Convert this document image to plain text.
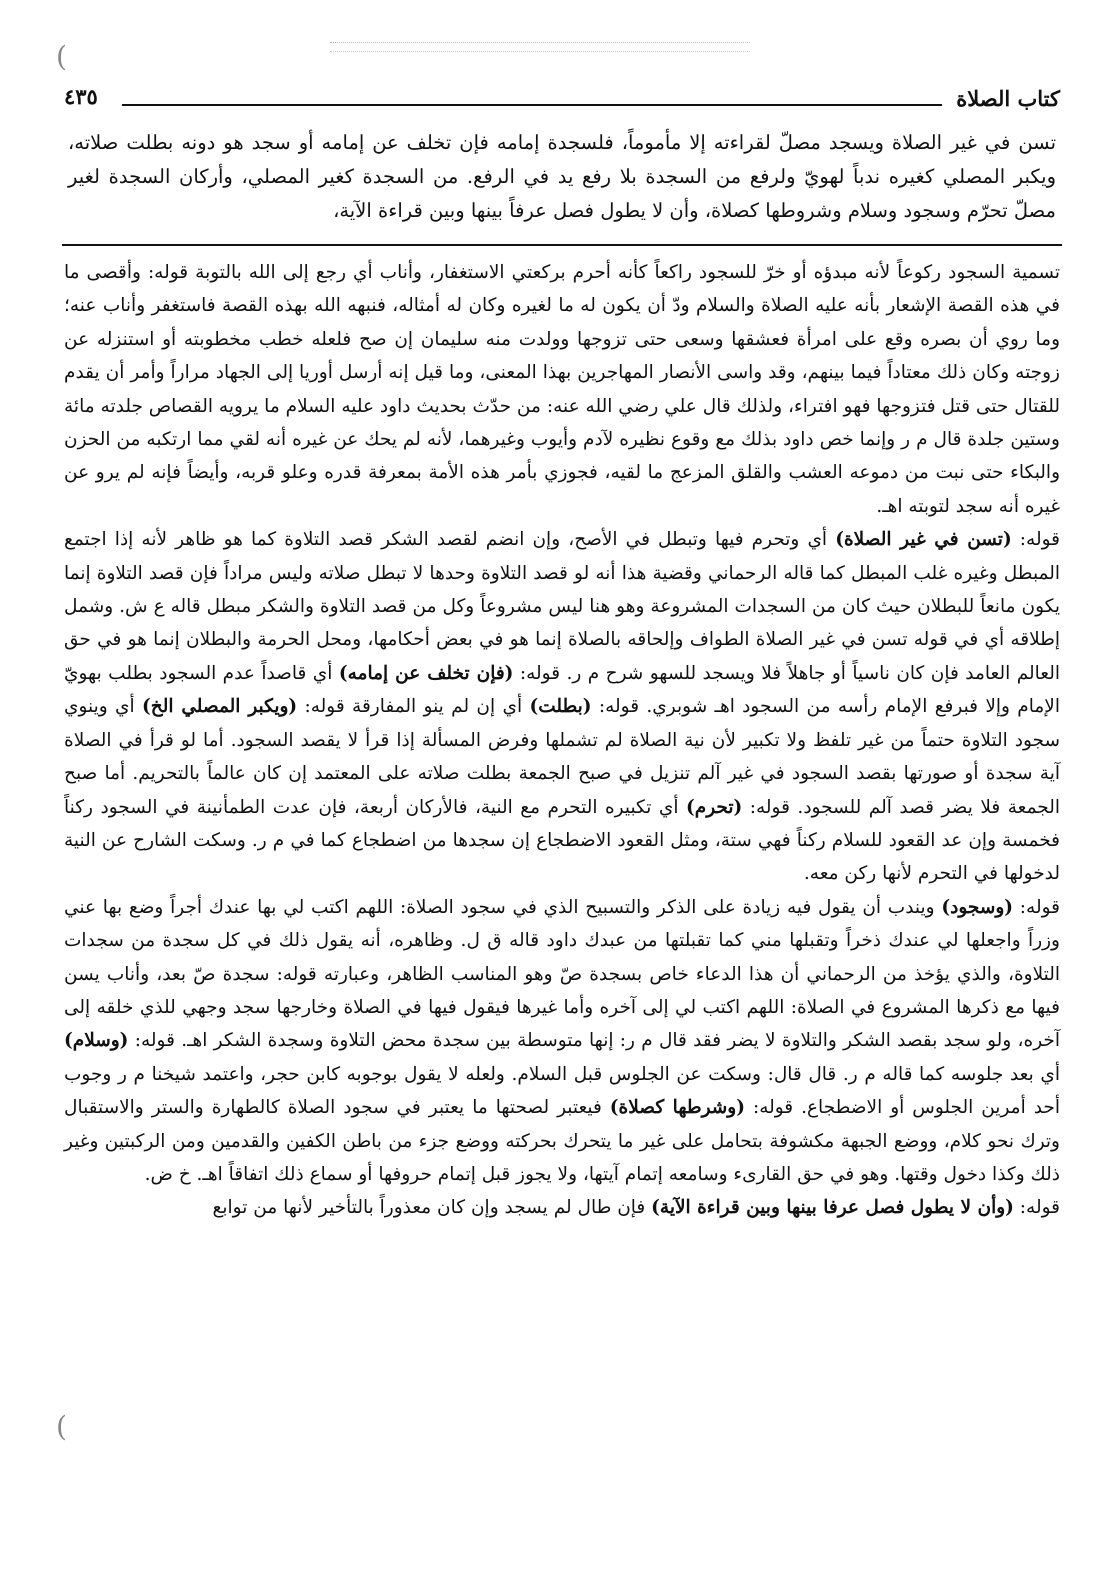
(
(
كتاب الصلاة
٤٣٥
تسن في غير الصلاة ويسجد مصلّ لقراءته إلا مأموماً، فلسجدة إمامه فإن تخلف عن إمامه أو سجد هو دونه بطلت صلاته، ويكبر المصلي كغيره ندباً لهويّ ولرفع من السجدة بلا رفع يد في الرفع. من السجدة كغير المصلي، وأركان السجدة لغير مصلّ تحرّم وسجود وسلام وشروطها كصلاة، وأن لا يطول فصل عرفاً بينها وبين قراءة الآية،

تسمية السجود ركوعاً لأنه مبدؤه أو خرّ للسجود راكعاً كأنه أحرم بركعتي الاستغفار، وأناب أي رجع إلى الله بالتوبة قوله: وأقصى ما في هذه القصة الإشعار بأنه عليه الصلاة والسلام ودّ أن يكون له ما لغيره وكان له أمثاله، فنبهه الله بهذه القصة فاستغفر وأناب عنه؛ وما روي أن بصره وقع على امرأة فعشقها وسعى حتى تزوجها وولدت منه سليمان إن صح فلعله خطب مخطوبته أو استنزله عن زوجته وكان ذلك معتاداً فيما بينهم، وقد واسى الأنصار المهاجرين بهذا المعنى، وما قيل إنه أرسل أوريا إلى الجهاد مراراً وأمر أن يقدم للقتال حتى قتل فتزوجها فهو افتراء، ولذلك قال علي رضي الله عنه: من حدّث بحديث داود عليه السلام ما يرويه القصاص جلدته مائة وستين جلدة قال م ر وإنما خص داود بذلك مع وقوع نظيره لآدم وأيوب وغيرهما، لأنه لم يحك عن غيره أنه لقي مما ارتكبه من الحزن والبكاء حتى نبت من دموعه العشب والقلق المزعج ما لقيه، فجوزي بأمر هذه الأمة بمعرفة قدره وعلو قربه، وأيضاً فإنه لم يرو عن غيره أنه سجد لتوبته اهـ.

قوله: (تسن في غير الصلاة) أي وتحرم فيها وتبطل في الأصح، وإن انضم لقصد الشكر قصد التلاوة كما هو ظاهر لأنه إذا اجتمع المبطل وغيره غلب المبطل كما قاله الرحماني وقضية هذا أنه لو قصد التلاوة وحدها لا تبطل صلاته وليس مراداً فإن قصد التلاوة إنما يكون مانعاً للبطلان حيث كان من السجدات المشروعة وهو هنا ليس مشروعاً وكل من قصد التلاوة والشكر مبطل قاله ع ش. وشمل إطلاقه أي في قوله تسن في غير الصلاة الطواف وإلحاقه بالصلاة إنما هو في بعض أحكامها، ومحل الحرمة والبطلان إنما هو في حق العالم العامد فإن كان ناسياً أو جاهلاً فلا ويسجد للسهو شرح م ر. قوله: (فإن تخلف عن إمامه) أي قاصداً عدم السجود بطلب بهويّ الإمام وإلا فبرفع الإمام رأسه من السجود اهـ شوبري. قوله: (بطلت) أي إن لم ينو المفارقة قوله: (ويكبر المصلي الخ) أي وينوي سجود التلاوة حتماً من غير تلفظ ولا تكبير لأن نية الصلاة لم تشملها وفرض المسألة إذا قرأ لا يقصد السجود. أما لو قرأ في الصلاة آية سجدة أو صورتها بقصد السجود في غير آلم تنزيل في صبح الجمعة بطلت صلاته على المعتمد إن كان عالماً بالتحريم. أما صبح الجمعة فلا يضر قصد آلم للسجود. قوله: (تحرم) أي تكبيره التحرم مع النية، فالأركان أربعة، فإن عدت الطمأنينة في السجود ركناً فخمسة وإن عد القعود للسلام ركناً فهي ستة، ومثل القعود الاضطجاع إن سجدها من اضطجاع كما في م ر. وسكت الشارح عن النية لدخولها في التحرم لأنها ركن معه.

قوله: (وسجود) ويندب أن يقول فيه زيادة على الذكر والتسبيح الذي في سجود الصلاة: اللهم اكتب لي بها عندك أجراً وضع بها عني وزراً واجعلها لي عندك ذخراً وتقبلها مني كما تقبلتها من عبدك داود قاله ق ل. وظاهره، أنه يقول ذلك في كل سجدة من سجدات التلاوة، والذي يؤخذ من الرحماني أن هذا الدعاء خاص بسجدة صّ وهو المناسب الظاهر، وعبارته قوله: سجدة صّ بعد، وأناب يسن فيها مع ذكرها المشروع في الصلاة: اللهم اكتب لي إلى آخره وأما غيرها فيقول فيها في الصلاة وخارجها سجد وجهي للذي خلقه إلى آخره، ولو سجد بقصد الشكر والتلاوة لا يضر فقد قال م ر: إنها متوسطة بين سجدة محض التلاوة وسجدة الشكر اهـ. قوله: (وسلام) أي بعد جلوسه كما قاله م ر. قال قال: وسكت عن الجلوس قبل السلام. ولعله لا يقول بوجوبه كابن حجر، واعتمد شيخنا م ر وجوب أحد أمرين الجلوس أو الاضطجاع. قوله: (وشرطها كصلاة) فيعتبر لصحتها ما يعتبر في سجود الصلاة كالطهارة والستر والاستقبال وترك نحو كلام، ووضع الجبهة مكشوفة بتحامل على غير ما يتحرك بحركته ووضع جزء من باطن الكفين والقدمين ومن الركبتين وغير ذلك وكذا دخول وقتها. وهو في حق القارىء وسامعه إتمام آيتها، ولا يجوز قبل إتمام حروفها أو سماع ذلك اتفاقاً اهـ. خ ض.

قوله: (وأن لا يطول فصل عرفا بينها وبين قراءة الآية) فإن طال لم يسجد وإن كان معذوراً بالتأخير لأنها من توابع
